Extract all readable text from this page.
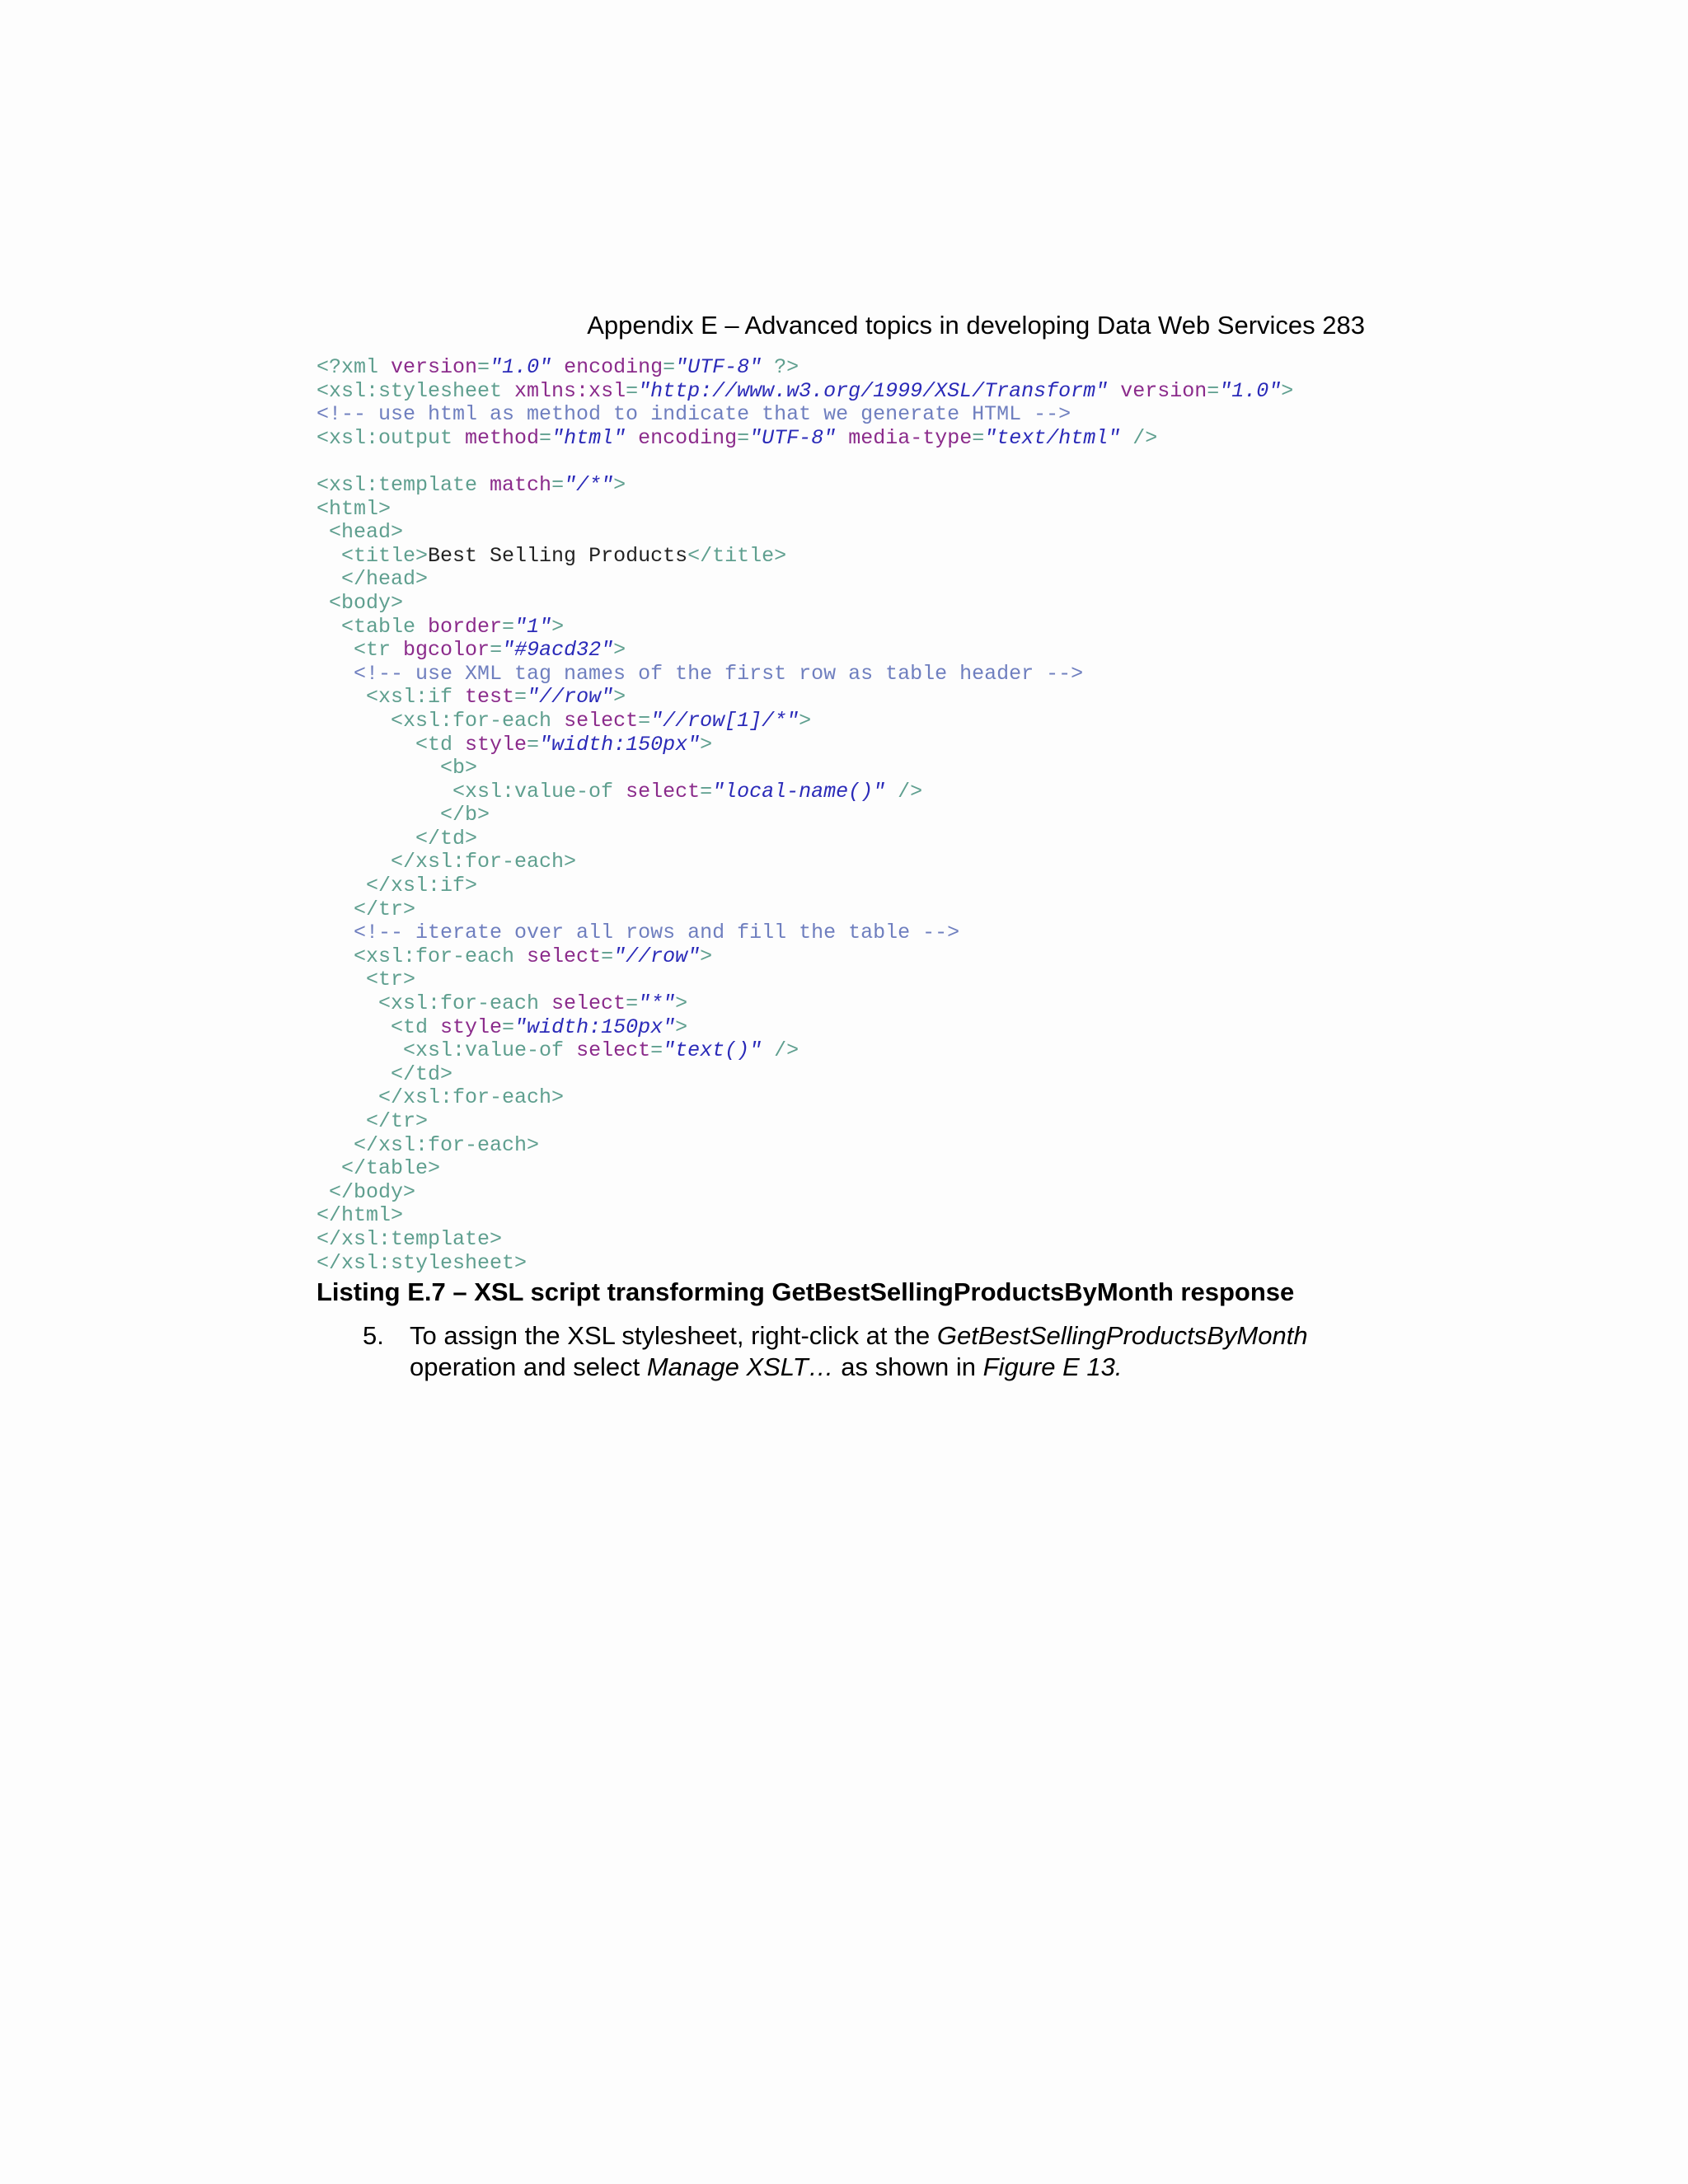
Appendix E – Advanced topics in developing Data Web Services 283
<?xml version="1.0" encoding="UTF-8" ?>
<xsl:stylesheet xmlns:xsl="http://www.w3.org/1999/XSL/Transform" version="1.0">
<!-- use html as method to indicate that we generate HTML -->
<xsl:output method="html" encoding="UTF-8" media-type="text/html" />
<xsl:template match="/*">
<html>
<head>
<title>Best Selling Products</title>
</head>
<body>
<table border="1">
<tr bgcolor="#9acd32">
<!-- use XML tag names of the first row as table header -->
<xsl:if test="//row">
<xsl:for-each select="//row[1]/*">
<td style="width:150px">
<b>
<xsl:value-of select="local-name()" />
</b>
</td>
</xsl:for-each>
</xsl:if>
</tr>
<!-- iterate over all rows and fill the table -->
<xsl:for-each select="//row">
<tr>
<xsl:for-each select="*">
<td style="width:150px">
<xsl:value-of select="text()" />
</td>
</xsl:for-each>
</tr>
</xsl:for-each>
</table>
</body>
</html>
</xsl:template>
</xsl:stylesheet>
Listing E.7 – XSL script transforming GetBestSellingProductsByMonth response
5. To assign the XSL stylesheet, right-click at the GetBestSellingProductsByMonth operation and select Manage XSLT… as shown in Figure E 13.
